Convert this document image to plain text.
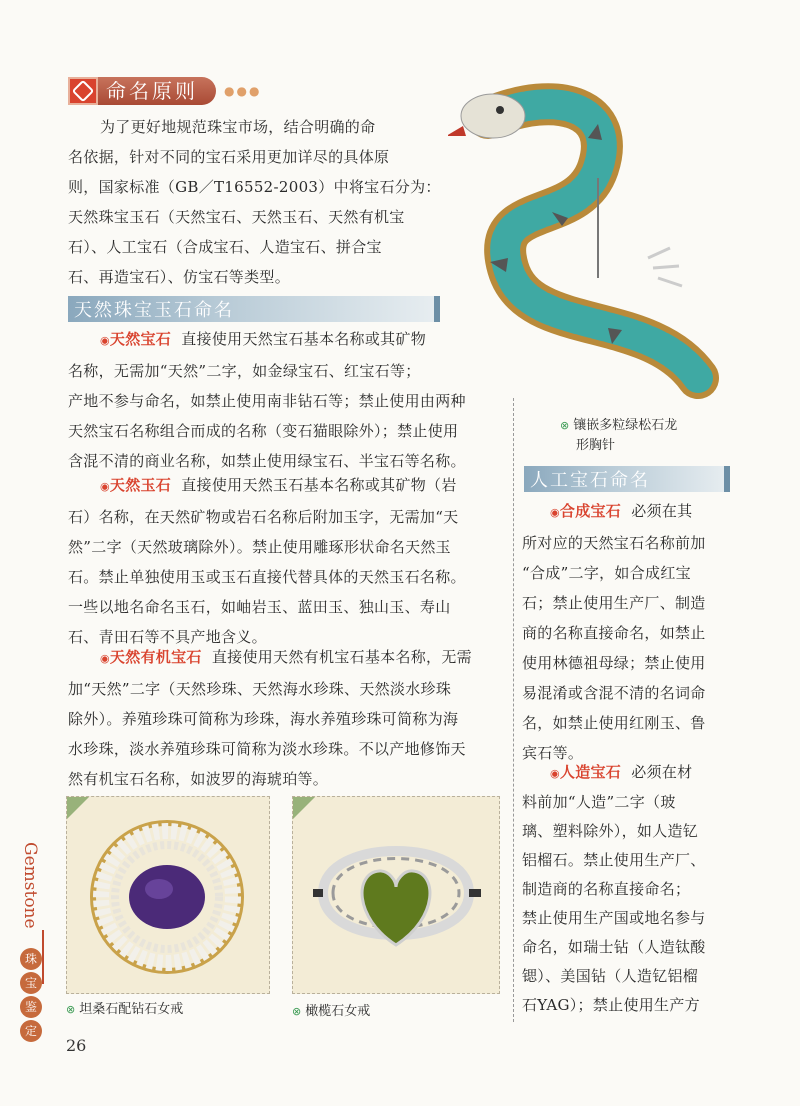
命名原则	●●●
为了更好地规范珠宝市场，结合明确的命
名依据，针对不同的宝石采用更加详尽的具体原
则，国家标准（GB／T16552-2003）中将宝石分为：
天然珠宝玉石（天然宝石、天然玉石、天然有机宝
石）、人工宝石（合成宝石、人造宝石、拼合宝
石、再造宝石）、仿宝石等类型。
天然珠宝玉石命名
◉天然宝石 直接使用天然宝石基本名称或其矿物
名称，无需加“天然”二字，如金绿宝石、红宝石等；
产地不参与命名，如禁止使用南非钻石等；禁止使用由两种
天然宝石名称组合而成的名称（变石猫眼除外）；禁止使用
含混不清的商业名称，如禁止使用绿宝石、半宝石等名称。
◉天然玉石 直接使用天然玉石基本名称或其矿物（岩
石）名称，在天然矿物或岩石名称后附加玉字，无需加“天
然”二字（天然玻璃除外）。禁止使用雕琢形状命名天然玉
石。禁止单独使用玉或玉石直接代替具体的天然玉石名称。
一些以地名命名玉石，如岫岩玉、蓝田玉、独山玉、寿山
石、青田石等不具产地含义。
◉天然有机宝石 直接使用天然有机宝石基本名称，无需
加“天然”二字（天然珍珠、天然海水珍珠、天然淡水珍珠
除外）。养殖珍珠可简称为珍珠，海水养殖珍珠可简称为海
水珍珠，淡水养殖珍珠可简称为淡水珍珠。不以产地修饰天
然有机宝石名称，如波罗的海琥珀等。
⊗ 镶嵌多粒绿松石龙
形胸针
人工宝石命名
◉合成宝石 必须在其
所对应的天然宝石名称前加
“合成”二字，如合成红宝
石；禁止使用生产厂、制造
商的名称直接命名，如禁止
使用林德祖母绿；禁止使用
易混淆或含混不清的名词命
名，如禁止使用红刚玉、鲁
宾石等。
◉人造宝石 必须在材
料前加“人造”二字（玻
璃、塑料除外），如人造钇
铝榴石。禁止使用生产厂、
制造商的名称直接命名；
禁止使用生产国或地名参与
命名，如瑞士钻（人造钛酸
锶）、美国钻（人造钇铝榴
石YAG）；禁止使用生产方
⊗ 坦桑石配钻石女戒	⊗ 橄榄石女戒
Gemstone
珠
宝
鉴
定
26
